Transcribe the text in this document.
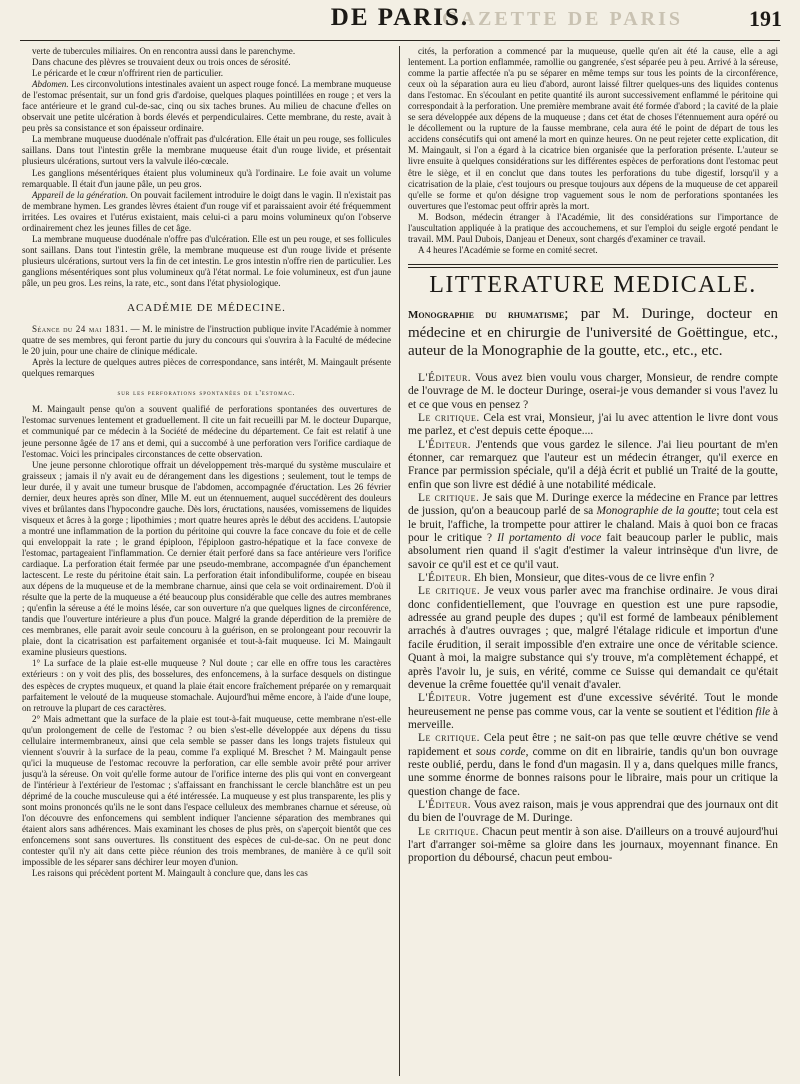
GAZETTE DE PARIS
DE PARIS.	191

verte de tubercules miliaires. On en rencontra aussi dans le parenchyme.

Dans chacune des plèvres se trouvaient deux ou trois onces de sérosité.

Le péricarde et le cœur n'offrirent rien de particulier.

Abdomen. Les circonvolutions intestinales avaient un aspect rouge foncé. La membrane muqueuse de l'estomac présentait, sur un fond gris d'ardoise, quelques plaques pointillées en rouge ; et vers la face antérieure et le grand cul-de-sac, cinq ou six taches brunes. Au milieu de chacune d'elles on observait une petite ulcération à bords élevés et perpendiculaires. Cette membrane, du reste, avait à peu près sa consistance et son épaisseur ordinaire.

La membrane muqueuse duodénale n'offrait pas d'ulcération. Elle était un peu rouge, ses follicules saillans. Dans tout l'intestin grêle la membrane muqueuse était d'un rouge livide, et présentait plusieurs ulcérations, surtout vers la valvule iléo-cœcale.

Les ganglions mésentériques étaient plus volumineux qu'à l'ordinaire. Le foie avait un volume remarquable. Il était d'un jaune pâle, un peu gros.

Appareil de la génération. On pouvait facilement introduire le doigt dans le vagin. Il n'existait pas de membrane hymen. Les grandes lèvres étaient d'un rouge vif et paraissaient avoir été fréquemment irritées. Les ovaires et l'utérus existaient, mais celui-ci a paru moins volumineux qu'on l'observe ordinairement chez les jeunes filles de cet âge.

La membrane muqueuse duodénale n'offre pas d'ulcération. Elle est un peu rouge, et ses follicules sont saillans. Dans tout l'intestin grêle, la membrane muqueuse est d'un rouge livide et présente plusieurs ulcérations, surtout vers la fin de cet intestin. Le gros intestin n'offre rien de particulier. Les ganglions mésentériques sont plus volumineux qu'à l'état normal. Le foie volumineux, est d'un jaune pâle, un peu gros. Les reins, la rate, etc., sont dans l'état physiologique.

ACADÉMIE DE MÉDECINE.

Séance du 24 mai 1831. — M. le ministre de l'instruction publique invite l'Académie à nommer quatre de ses membres, qui feront partie du jury du concours qui s'ouvrira à la Faculté de médecine le 20 juin, pour une chaire de clinique médicale.

Après la lecture de quelques autres pièces de correspondance, sans intérêt, M. Maingault présente quelques remarques

sur les perforations spontanées de l'estomac.

M. Maingault pense qu'on a souvent qualifié de perforations spontanées des ouvertures de l'estomac survenues lentement et graduellement. Il cite un fait recueilli par M. le docteur Duparque, et communiqué par ce médecin à la Société de médecine du département. Ce fait est relatif à une jeune personne âgée de 17 ans et demi, qui a succombé à une perforation vers l'orifice cardiaque de l'estomac. Voici les principales circonstances de cette observation.

Une jeune personne chlorotique offrait un développement très-marqué du système musculaire et graisseux ; jamais il n'y avait eu de dérangement dans les digestions ; seulement, tout le temps de leur durée, il y avait une tumeur brusque de l'abdomen, accompagnée d'éructation. Les 26 février dernier, deux heures après son dîner, Mlle M. eut un étennuement, auquel succédèrent des douleurs vives et brûlantes dans l'hypocondre gauche. Dès lors, éructations, nausées, vomissemens de liquides visqueux et âcres à la gorge ; lipothimies ; mort quatre heures après le début des accidens. L'autopsie a montré une inflammation de la portion du péritoine qui couvre la face concave du foie et de celle qui enveloppait la rate ; le grand épiploon, l'épiploon gastro-hépatique et la face convexe de l'estomac, partageaient l'inflammation. Ce dernier était perforé dans sa face antérieure vers l'orifice cardiaque. La perforation était fermée par une pseudo-membrane, accompagnée d'un épanchement lactescent. Le reste du péritoine était sain. La perforation était infondibuliforme, coupée en biseau aux dépens de la muqueuse et de la membrane charnue, ainsi que cela se voit ordinairement. D'où il résulte que la perte de la muqueuse a été beaucoup plus considérable que celle des autres membranes ; qu'enfin la séreuse a été le moins lésée, car son ouverture n'a que quelques lignes de circonférence, tandis que l'ouverture intérieure a plus d'un pouce. Malgré la grande déperdition de la première de ces membranes, elle parait avoir seule concouru à la guérison, en se prolongeant pour recouvrir la plaie, dont la cicatrisation est parfaitement organisée et tout-à-fait muqueuse. Ici M. Maingault examine plusieurs questions.

1° La surface de la plaie est-elle muqueuse ? Nul doute ; car elle en offre tous les caractères extérieurs : on y voit des plis, des bosselures, des enfoncemens, à la surface desquels on distingue des espèces de cryptes muqueux, et quand la plaie était encore fraîchement préparée on y remarquait parfaitement le velouté de la muqueuse stomachale. Aujourd'hui même encore, à l'aide d'une loupe, on retrouve la plupart de ces caractères.

2° Mais admettant que la surface de la plaie est tout-à-fait muqueuse, cette membrane n'est-elle qu'un prolongement de celle de l'estomac ? ou bien s'est-elle développée aux dépens du tissu cellulaire intermembraneux, ainsi que cela semble se passer dans les longs trajets fistuleux qui viennent s'ouvrir à la surface de la peau, comme l'a expliqué M. Breschet ? M. Maingault pense qu'ici la muqueuse de l'estomac recouvre la perforation, car elle semble avoir prêté pour arriver jusqu'à la séreuse. On voit qu'elle forme autour de l'orifice interne des plis qui vont en convergeant de l'intérieur à l'extérieur de l'estomac ; s'affaissant en franchissant le cercle blanchâtre est un peu déprimé de la couche musculeuse qui a été intéressée. La muqueuse y est plus transparente, les plis y sont moins prononcés qu'ils ne le sont dans l'espace celluleux des membranes charnue et séreuse, où l'on découvre des enfoncemens qui semblent indiquer l'ancienne séparation des membranes qui étaient alors sans adhérences. Mais examinant les choses de plus près, on s'aperçoit bientôt que ces enfoncemens sont sans ouvertures. Ils constituent des espèces de cul-de-sac. On ne peut donc contester qu'il n'y ait dans cette pièce réunion des trois membranes, de manière à ce qu'il soit impossible de les séparer sans déchirer leur moyen d'union.

Les raisons qui précèdent portent M. Maingault à conclure que, dans les cas

cités, la perforation a commencé par la muqueuse, quelle qu'en ait été la cause, elle a agi lentement. La portion enflammée, ramollie ou gangrenée, s'est séparée peu à peu. Arrivé à la séreuse, comme la partie affectée n'a pu se séparer en même temps sur tous les points de la circonférence, ceux où la séparation aura eu lieu d'abord, auront laissé filtrer quelques-uns des liquides contenus dans l'estomac. En s'écoulant en petite quantité ils auront successivement enflammé le péritoine qui correspondait à la perforation. Une première membrane avait été formée d'abord ; la cavité de la plaie se sera développée aux dépens de la muqueuse ; dans cet état de choses l'étennuement aura opéré ou le décollement ou la rupture de la fausse membrane, cela aura été le point de départ de tous les accidens consécutifs qui ont amené la mort en quinze heures. On ne peut rejeter cette explication, dit M. Maingault, si l'on a égard à la cicatrice bien organisée que la perforation présente. L'auteur se livre ensuite à quelques considérations sur les différentes espèces de perforations dont l'estomac peut être le siège, et il en conclut que dans toutes les perforations du tube digestif, lorsqu'il y a cicatrisation de la plaie, c'est toujours ou presque toujours aux dépens de la muqueuse de cet appareil qu'elle se forme et qu'on désigne trop vaguement sous le nom de perforations spontanées les ouvertures que l'estomac peut offrir après la mort.

M. Bodson, médecin étranger à l'Académie, lit des considérations sur l'importance de l'auscultation appliquée à la pratique des accouchemens, et sur l'emploi du seigle ergoté pendant le travail. MM. Paul Dubois, Danjeau et Deneux, sont chargés d'examiner ce travail.

A 4 heures l'Académie se forme en comité secret.

LITTERATURE MEDICALE.
Monographie du rhumatisme; par M. Duringe, docteur en médecine et en chirurgie de l'université de Goëttingue, etc., auteur de la Monographie de la goutte, etc., etc., etc.

L'Éditeur. Vous avez bien voulu vous charger, Monsieur, de rendre compte de l'ouvrage de M. le docteur Duringe, oserai-je vous demander si vous l'avez lu et ce que vous en pensez ?

Le critique. Cela est vrai, Monsieur, j'ai lu avec attention le livre dont vous me parlez, et c'est depuis cette époque....

L'Éditeur. J'entends que vous gardez le silence. J'ai lieu pourtant de m'en étonner, car remarquez que l'auteur est un médecin étranger, qu'il exerce en France par permission spéciale, qu'il a déjà écrit et publié un Traité de la goutte, enfin que son livre est dédié à une notabilité médicale.

Le critique. Je sais que M. Duringe exerce la médecine en France par lettres de jussion, qu'on a beaucoup parlé de sa Monographie de la goutte; tout cela est le bruit, l'affiche, la trompette pour attirer le chaland. Mais à quoi bon ce fracas pour le critique ? Il portamento di voce fait beaucoup parler le public, mais absolument rien quand il s'agit d'estimer la valeur intrinsèque d'un livre, de savoir ce qu'il est et ce qu'il vaut.

L'Éditeur. Eh bien, Monsieur, que dites-vous de ce livre enfin ?

Le critique. Je veux vous parler avec ma franchise ordinaire. Je vous dirai donc confidentiellement, que l'ouvrage en question est une pure rapsodie, adressée au grand peuple des dupes ; qu'il est formé de lambeaux péniblement arrachés à d'autres ouvrages ; que, malgré l'étalage ridicule et importun d'une facile érudition, il serait impossible d'en extraire une once de véritable science. Quant à moi, la maigre substance qui s'y trouve, m'a complètement échappé, et après l'avoir lu, je suis, en vérité, comme ce Suisse qui demandait ce qu'était devenue la crême fouettée qu'il venait d'avaler.

L'Éditeur. Votre jugement est d'une excessive sévérité. Tout le monde heureusement ne pense pas comme vous, car la vente se soutient et l'édition file à merveille.

Le critique. Cela peut être ; ne sait-on pas que telle œuvre chétive se vend rapidement et sous corde, comme on dit en librairie, tandis qu'un bon ouvrage reste oublié, perdu, dans le fond d'un magasin. Il y a, dans quelques mille francs, une somme énorme de bonnes raisons pour le libraire, mais pour un critique la question change de face.

L'Éditeur. Vous avez raison, mais je vous apprendrai que des journaux ont dit du bien de l'ouvrage de M. Duringe.

Le critique. Chacun peut mentir à son aise. D'ailleurs on a trouvé aujourd'hui l'art d'arranger soi-même sa gloire dans les journaux, moyennant finance. En proportion du déboursé, chacun peut embou-
